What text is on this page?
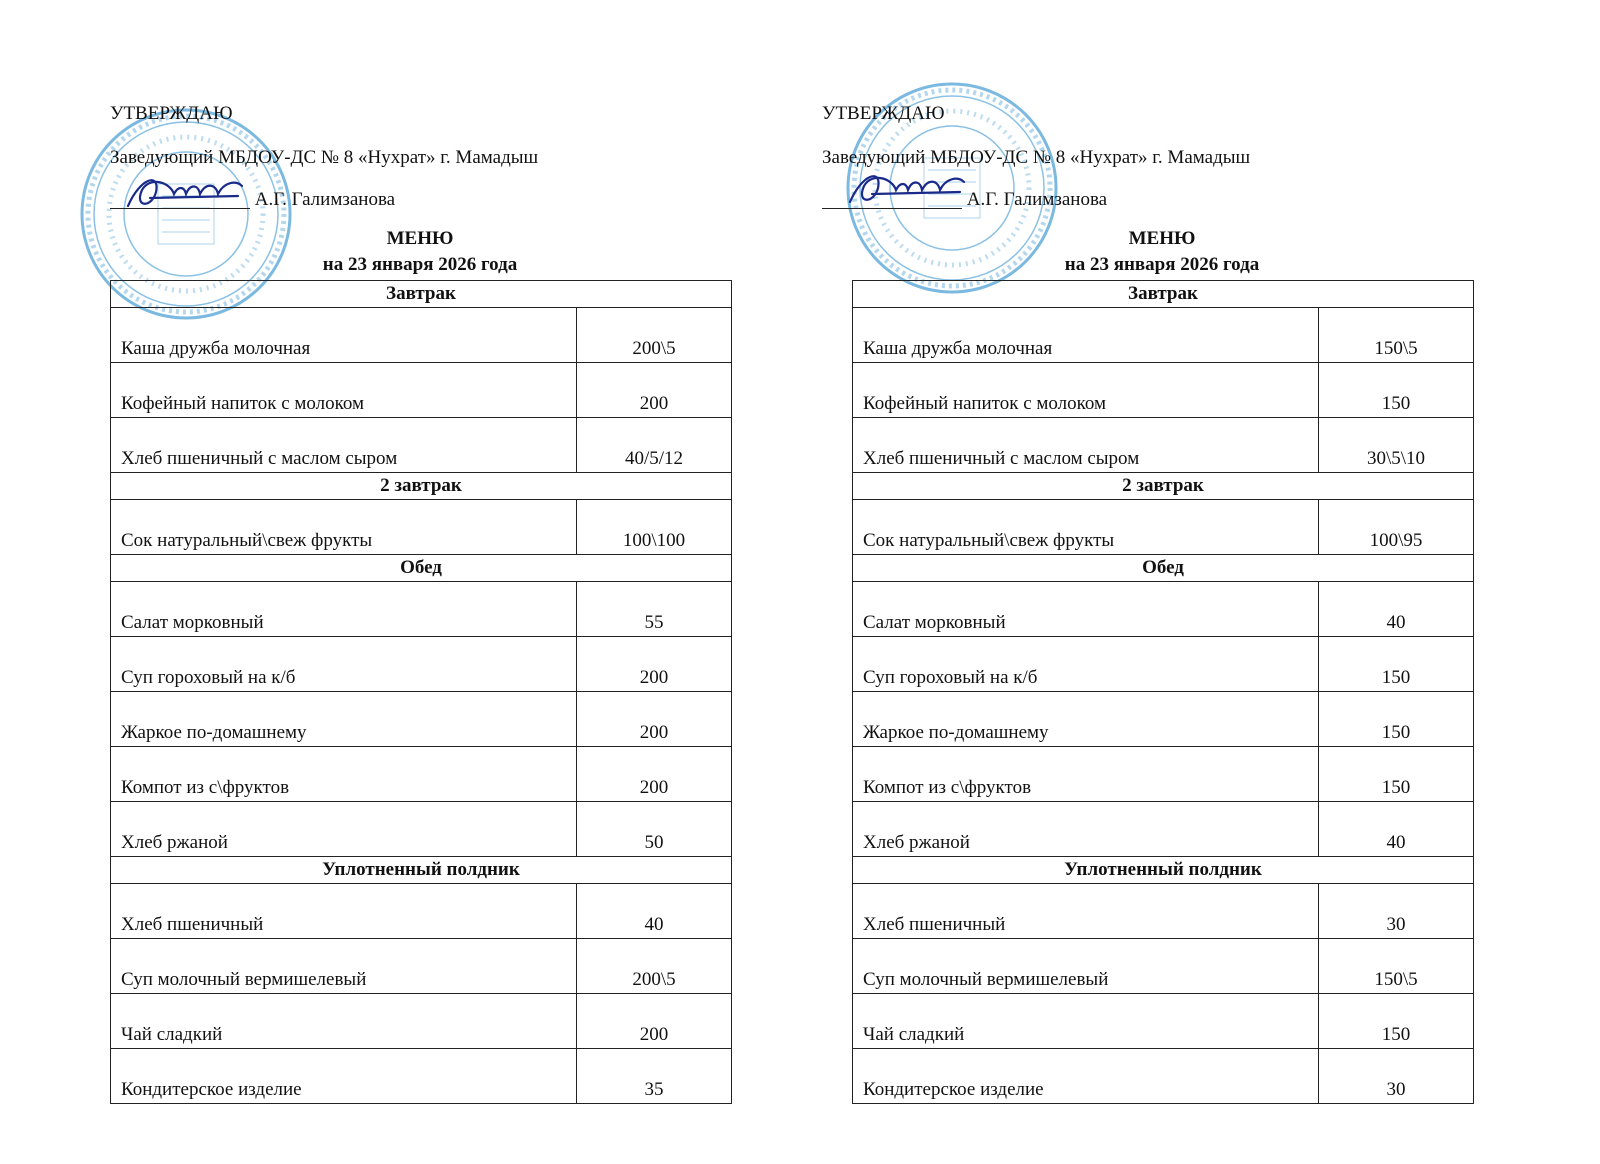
УТВЕРЖДАЮ
Заведующий МБДОУ-ДС № 8 «Нухрат» г. Мамадыш
А.Г. Галимзанова
МЕНЮ
на 23 января 2026 года
Завтрак	
Каша дружба молочная	200\5
Кофейный напиток с молоком	200
Хлеб пшеничный с маслом сыром	40/5/12
2 завтрак	
Сок натуральный\свеж фрукты	100\100
Обед	
Салат морковный	55
Суп гороховый на к/б	200
Жаркое по-домашнему	200
Компот из с\фруктов	200
Хлеб ржаной	50
Уплотненный полдник	
Хлеб пшеничный	40
Суп молочный вермишелевый	200\5
Чай сладкий	200
Кондитерское изделие	35
УТВЕРЖДАЮ
Заведующий МБДОУ-ДС № 8 «Нухрат» г. Мамадыш
А.Г. Галимзанова
МЕНЮ
на 23 января 2026 года
Завтрак	
Каша дружба молочная	150\5
Кофейный напиток с молоком	150
Хлеб пшеничный с маслом сыром	30\5\10
2 завтрак	
Сок натуральный\свеж фрукты	100\95
Обед	
Салат морковный	40
Суп гороховый на к/б	150
Жаркое по-домашнему	150
Компот из с\фруктов	150
Хлеб ржаной	40
Уплотненный полдник	
Хлеб пшеничный	30
Суп молочный вермишелевый	150\5
Чай сладкий	150
Кондитерское изделие	30
